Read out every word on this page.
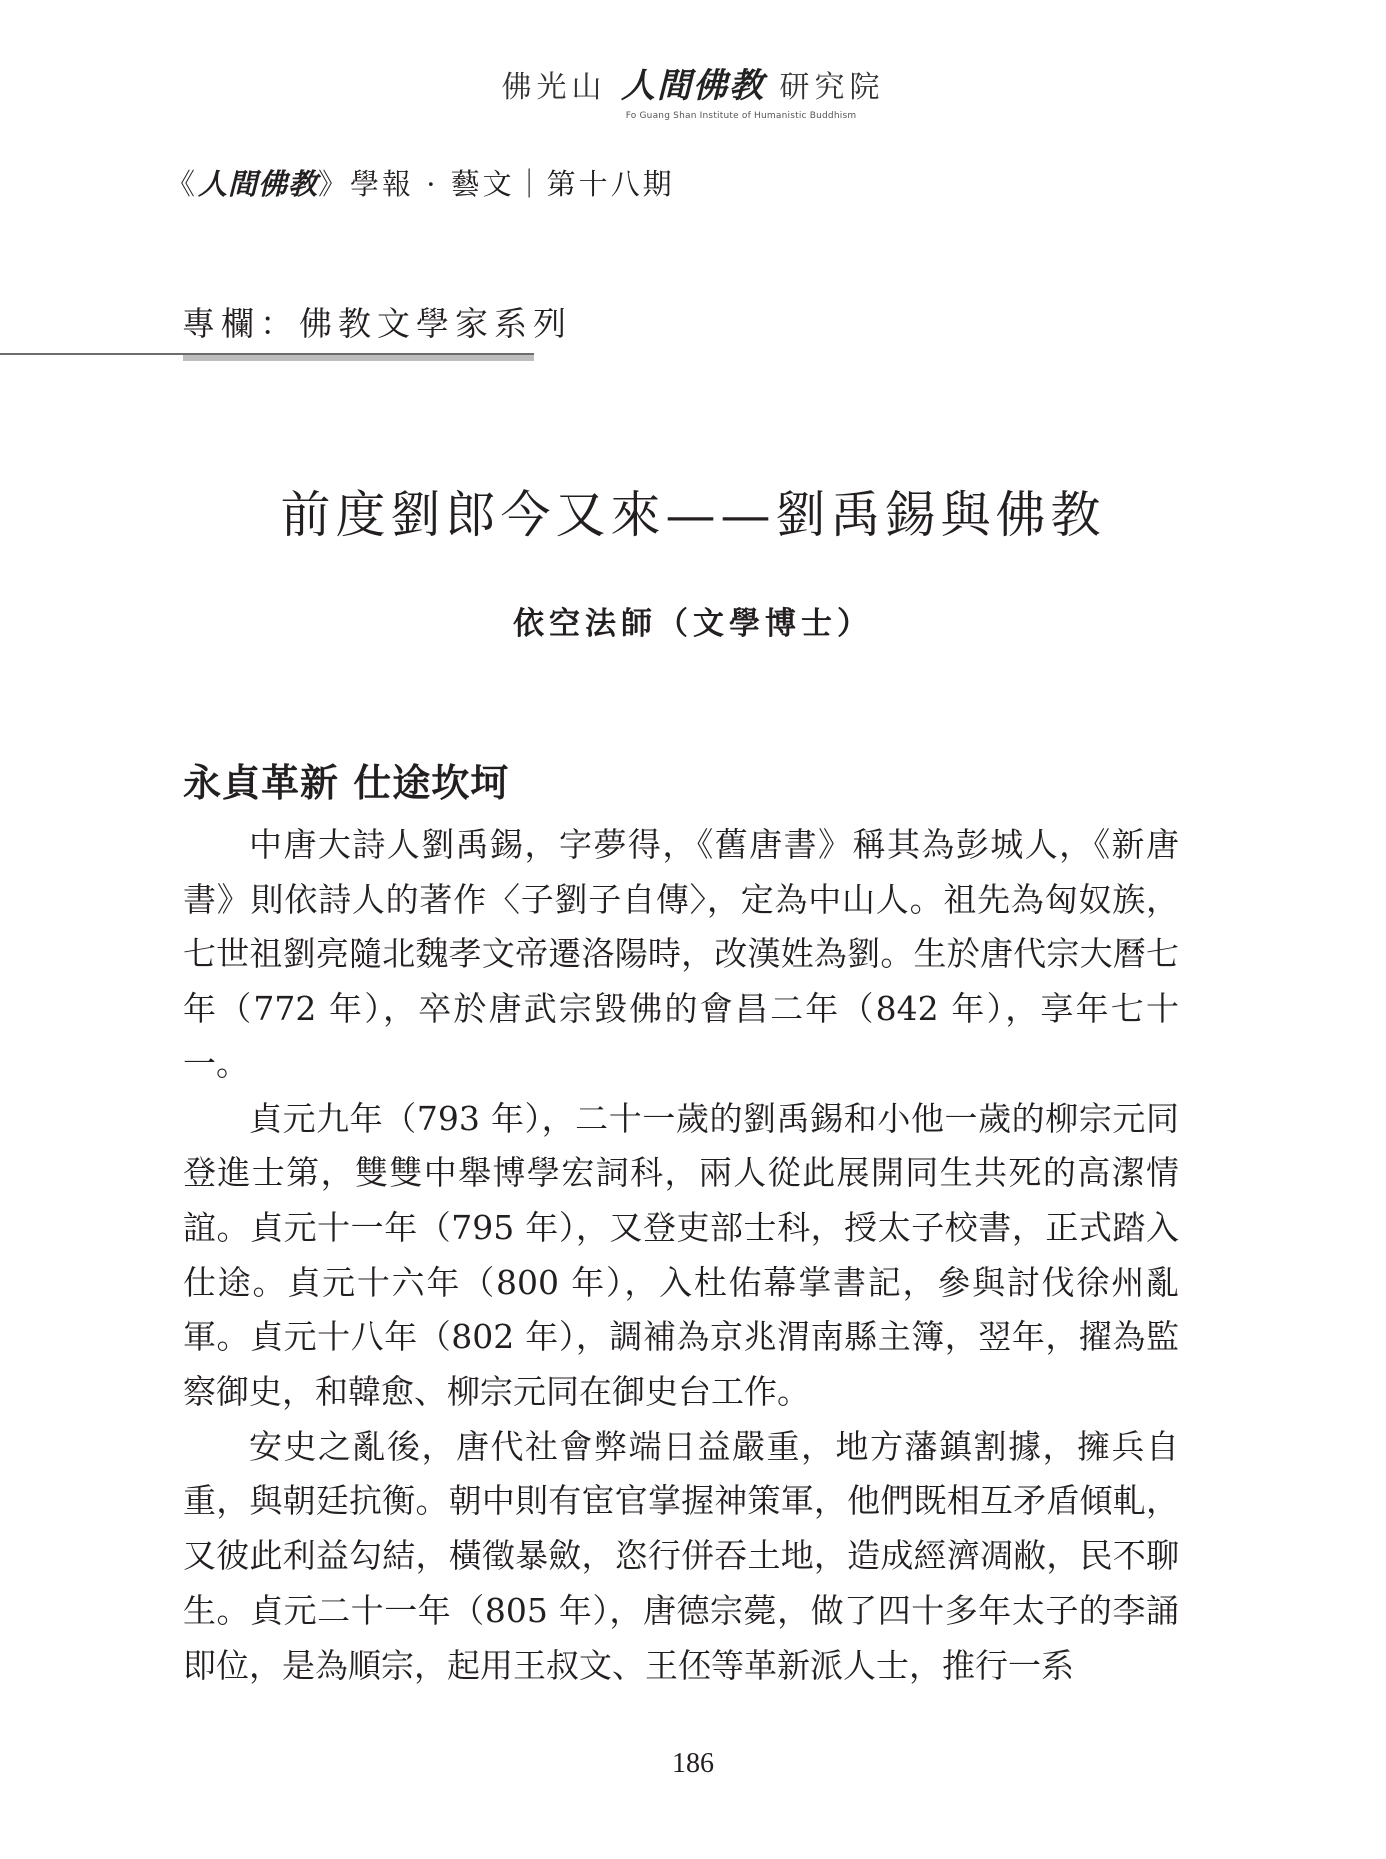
佛光山 人間佛教 研究院
Fo Guang Shan Institute of Humanistic Buddhism
《人間佛教》學報 · 藝文｜第十八期
專欄：佛教文學家系列
前度劉郎今又來——劉禹錫與佛教
依空法師（文學博士）
永貞革新 仕途坎坷

中唐大詩人劉禹錫，字夢得，《舊唐書》稱其為彭城人，《新唐書》則依詩人的著作〈子劉子自傳〉，定為中山人。祖先為匈奴族，七世祖劉亮隨北魏孝文帝遷洛陽時，改漢姓為劉。生於唐代宗大曆七年（772 年），卒於唐武宗毀佛的會昌二年（842 年），享年七十一。

貞元九年（793 年），二十一歲的劉禹錫和小他一歲的柳宗元同登進士第，雙雙中舉博學宏詞科，兩人從此展開同生共死的高潔情誼。貞元十一年（795 年），又登吏部士科，授太子校書，正式踏入仕途。貞元十六年（800 年），入杜佑幕掌書記，參與討伐徐州亂軍。貞元十八年（802 年），調補為京兆渭南縣主簿，翌年，擢為監察御史，和韓愈、柳宗元同在御史台工作。

安史之亂後，唐代社會弊端日益嚴重，地方藩鎮割據，擁兵自重，與朝廷抗衡。朝中則有宦官掌握神策軍，他們既相互矛盾傾軋，又彼此利益勾結，橫徵暴斂，恣行併吞土地，造成經濟凋敝，民不聊生。貞元二十一年（805 年），唐德宗薨，做了四十多年太子的李誦即位，是為順宗，起用王叔文、王伾等革新派人士，推行一系

186
